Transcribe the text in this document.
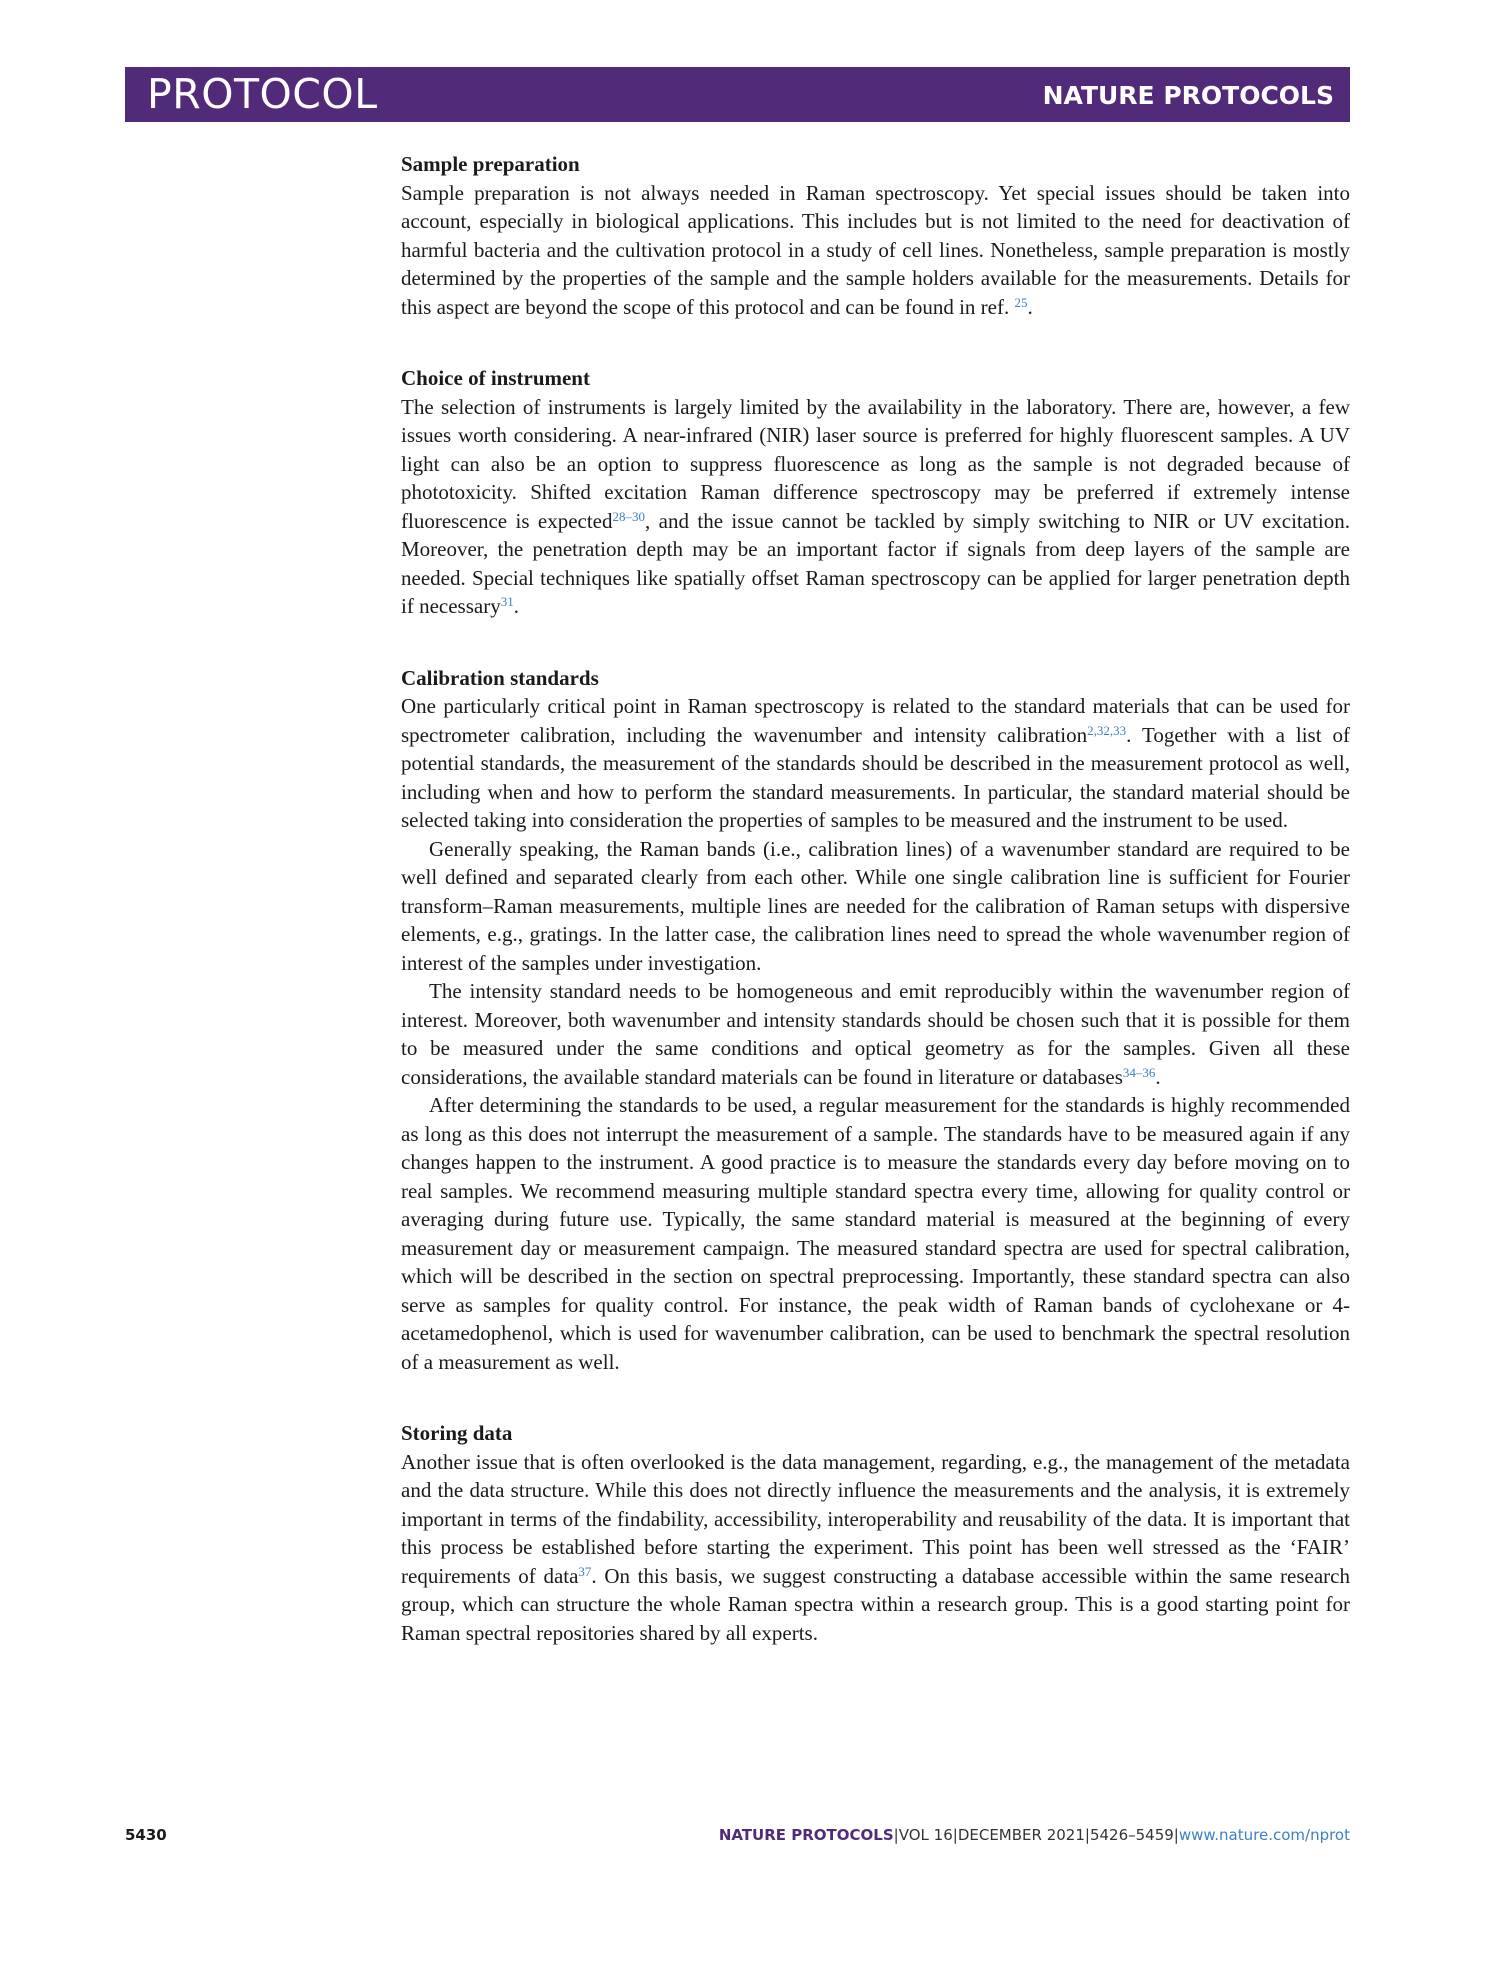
PROTOCOL	NATURE PROTOCOLS
Sample preparation

Sample preparation is not always needed in Raman spectroscopy. Yet special issues should be taken into account, especially in biological applications. This includes but is not limited to the need for deactivation of harmful bacteria and the cultivation protocol in a study of cell lines. Nonetheless, sample preparation is mostly determined by the properties of the sample and the sample holders available for the measurements. Details for this aspect are beyond the scope of this protocol and can be found in ref. $^{25}$.

Choice of instrument

The selection of instruments is largely limited by the availability in the laboratory. There are, however, a few issues worth considering. A near-infrared (NIR) laser source is preferred for highly fluorescent samples. A UV light can also be an option to suppress fluorescence as long as the sample is not degraded because of phototoxicity. Shifted excitation Raman difference spectroscopy may be preferred if extremely intense fluorescence is expected$^{28-30}$, and the issue cannot be tackled by simply switching to NIR or UV excitation. Moreover, the penetration depth may be an important factor if signals from deep layers of the sample are needed. Special techniques like spatially offset Raman spectroscopy can be applied for larger penetration depth if necessary$^{31}$.

Calibration standards

One particularly critical point in Raman spectroscopy is related to the standard materials that can be used for spectrometer calibration, including the wavenumber and intensity calibration$^{2,32,33}$. Together with a list of potential standards, the measurement of the standards should be described in the measurement protocol as well, including when and how to perform the standard measurements. In particular, the standard material should be selected taking into consideration the properties of samples to be measured and the instrument to be used.

Generally speaking, the Raman bands (i.e., calibration lines) of a wavenumber standard are required to be well defined and separated clearly from each other. While one single calibration line is sufficient for Fourier transform–Raman measurements, multiple lines are needed for the calibration of Raman setups with dispersive elements, e.g., gratings. In the latter case, the calibration lines need to spread the whole wavenumber region of interest of the samples under investigation.

The intensity standard needs to be homogeneous and emit reproducibly within the wavenumber region of interest. Moreover, both wavenumber and intensity standards should be chosen such that it is possible for them to be measured under the same conditions and optical geometry as for the samples. Given all these considerations, the available standard materials can be found in literature or databases$^{34-36}$.

After determining the standards to be used, a regular measurement for the standards is highly recommended as long as this does not interrupt the measurement of a sample. The standards have to be measured again if any changes happen to the instrument. A good practice is to measure the standards every day before moving on to real samples. We recommend measuring multiple standard spectra every time, allowing for quality control or averaging during future use. Typically, the same standard material is measured at the beginning of every measurement day or measurement campaign. The measured standard spectra are used for spectral calibration, which will be described in the section on spectral preprocessing. Importantly, these standard spectra can also serve as samples for quality control. For instance, the peak width of Raman bands of cyclohexane or 4-acetamedophenol, which is used for wavenumber calibration, can be used to benchmark the spectral resolution of a measurement as well.

Storing data

Another issue that is often overlooked is the data management, regarding, e.g., the management of the metadata and the data structure. While this does not directly influence the measurements and the analysis, it is extremely important in terms of the findability, accessibility, interoperability and reusability of the data. It is important that this process be established before starting the experiment. This point has been well stressed as the ‘FAIR’ requirements of data$^{37}$. On this basis, we suggest constructing a database accessible within the same research group, which can structure the whole Raman spectra within a research group. This is a good starting point for Raman spectral repositories shared by all experts.

5430	NATURE PROTOCOLS|VOL 16|DECEMBER 2021|5426–5459|www.nature.com/nprot
